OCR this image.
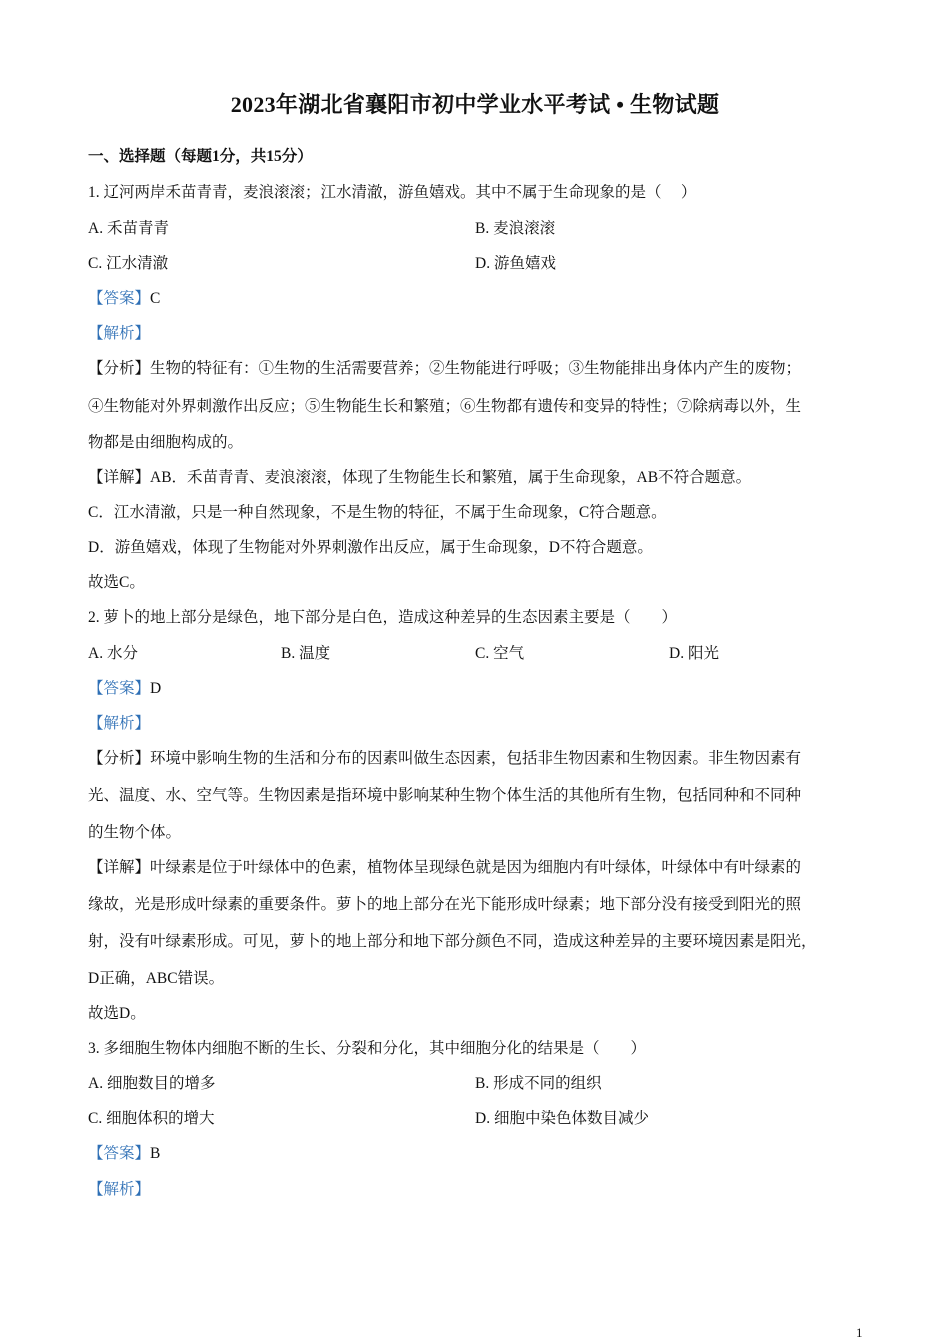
2023年湖北省襄阳市初中学业水平考试 • 生物试题
一、选择题（每题1分，共15分）
1. 辽河两岸禾苗青青，麦浪滚滚；江水清澈，游鱼嬉戏。其中不属于生命现象的是（　 ）
A. 禾苗青青	B. 麦浪滚滚
C. 江水清澈	D. 游鱼嬉戏
【答案】C
【解析】
【分析】生物的特征有：①生物的生活需要营养；②生物能进行呼吸；③生物能排出身体内产生的废物；
④生物能对外界刺激作出反应；⑤生物能生长和繁殖；⑥生物都有遗传和变异的特性；⑦除病毒以外，生
物都是由细胞构成的。
【详解】AB．禾苗青青、麦浪滚滚，体现了生物能生长和繁殖，属于生命现象，AB不符合题意。
C．江水清澈，只是一种自然现象，不是生物的特征，不属于生命现象，C符合题意。
D．游鱼嬉戏，体现了生物能对外界刺激作出反应，属于生命现象，D不符合题意。
故选C。
2. 萝卜的地上部分是绿色，地下部分是白色，造成这种差异的生态因素主要是（　　）
A. 水分	B. 温度	C. 空气	D. 阳光
【答案】D
【解析】
【分析】环境中影响生物的生活和分布的因素叫做生态因素，包括非生物因素和生物因素。非生物因素有
光、温度、水、空气等。生物因素是指环境中影响某种生物个体生活的其他所有生物，包括同种和不同种
的生物个体。
【详解】叶绿素是位于叶绿体中的色素，植物体呈现绿色就是因为细胞内有叶绿体，叶绿体中有叶绿素的
缘故，光是形成叶绿素的重要条件。萝卜的地上部分在光下能形成叶绿素；地下部分没有接受到阳光的照
射，没有叶绿素形成。可见，萝卜的地上部分和地下部分颜色不同，造成这种差异的主要环境因素是阳光，
D正确，ABC错误。
故选D。
3. 多细胞生物体内细胞不断的生长、分裂和分化，其中细胞分化的结果是（　　）
A. 细胞数目的增多	B. 形成不同的组织
C. 细胞体积的增大	D. 细胞中染色体数目减少
【答案】B
【解析】
1
